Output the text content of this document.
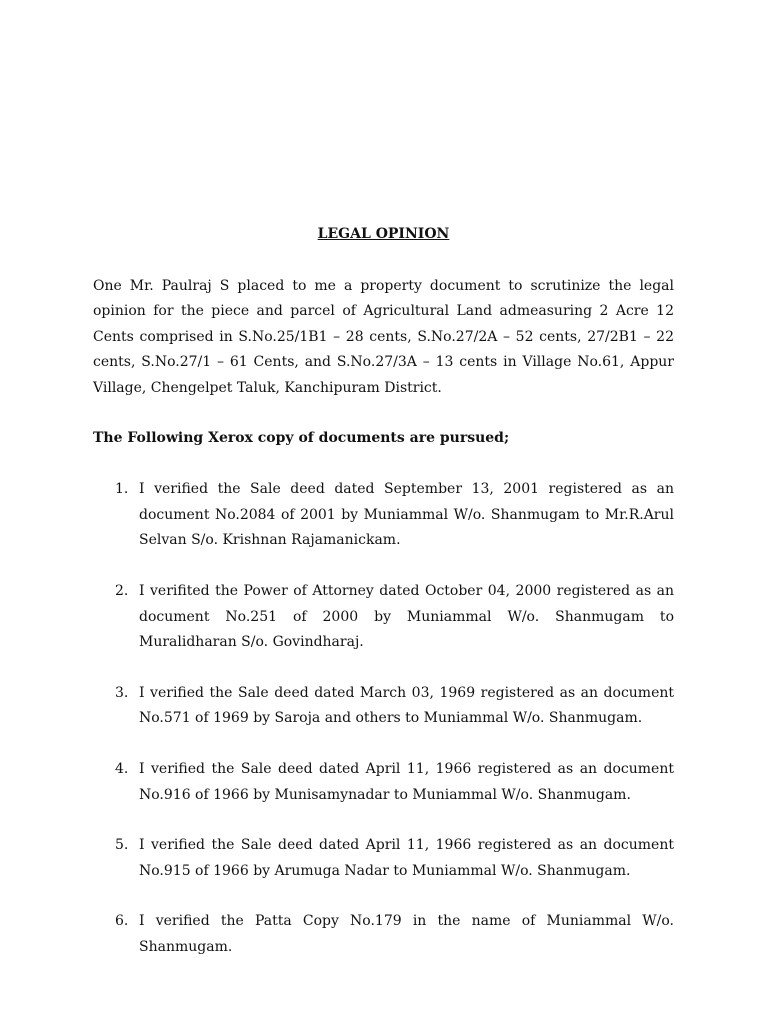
LEGAL OPINION

One Mr. Paulraj S placed to me a property document to scrutinize the legal opinion for the piece and parcel of Agricultural Land admeasuring 2 Acre 12 Cents comprised in S.No.25/1B1 – 28 cents, S.No.27/2A – 52 cents, 27/2B1 – 22 cents, S.No.27/1 – 61 Cents, and S.No.27/3A – 13 cents in Village No.61, Appur Village, Chengelpet Taluk, Kanchipuram District.

The Following Xerox copy of documents are pursued;

1. I verified the Sale deed dated September 13, 2001 registered as an document No.2084 of 2001 by Muniammal W/o. Shanmugam to Mr.R.Arul Selvan S/o. Krishnan Rajamanickam.
2. I verifited the Power of Attorney dated October 04, 2000 registered as an document No.251 of 2000 by Muniammal W/o. Shanmugam to Muralidharan S/o. Govindharaj.
3. I verified the Sale deed dated March 03, 1969 registered as an document No.571 of 1969 by Saroja and others to Muniammal W/o. Shanmugam.
4. I verified the Sale deed dated April 11, 1966 registered as an document No.916 of 1966 by Munisamynadar to Muniammal W/o. Shanmugam.
5. I verified the Sale deed dated April 11, 1966 registered as an document No.915 of 1966 by Arumuga Nadar to Muniammal W/o. Shanmugam.
6. I verified the Patta Copy No.179 in the name of Muniammal W/o. Shanmugam.
